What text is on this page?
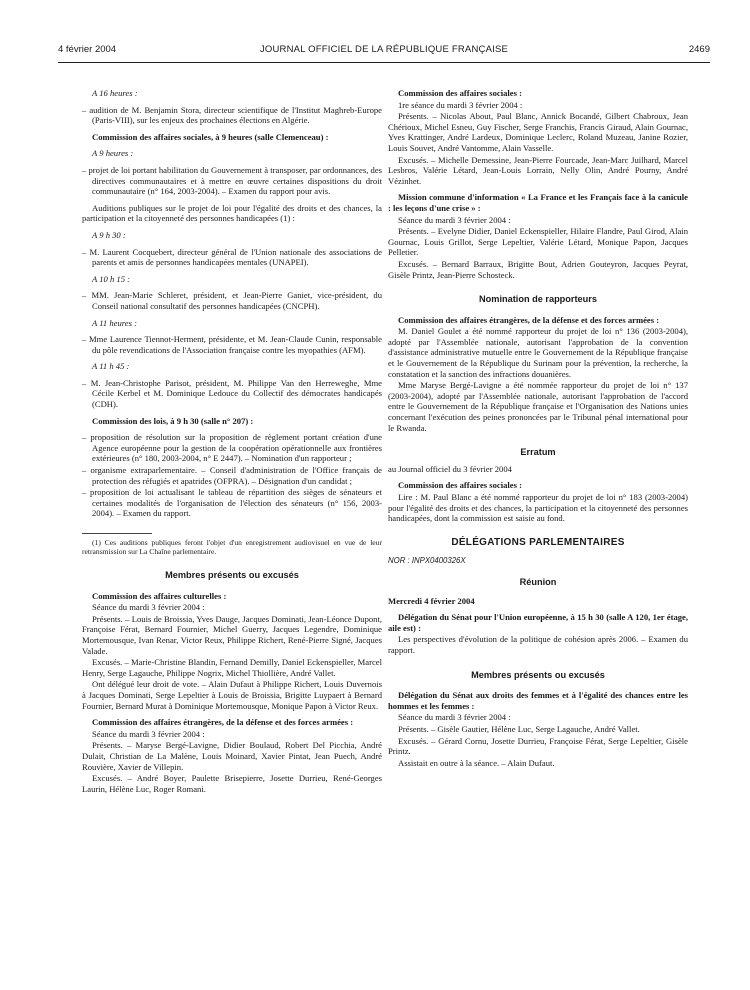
4 février 2004	JOURNAL OFFICIEL DE LA RÉPUBLIQUE FRANÇAISE	2469

A 16 heures :

– audition de M. Benjamin Stora, directeur scientifique de l'Institut Maghreb-Europe (Paris-VIII), sur les enjeux des prochaines élections en Algérie.

Commission des affaires sociales, à 9 heures (salle Clemenceau) :

A 9 heures :

– projet de loi portant habilitation du Gouvernement à transposer, par ordonnances, des directives communautaires et à mettre en œuvre certaines dispositions du droit communautaire (n° 164, 2003-2004). – Examen du rapport pour avis.

Auditions publiques sur le projet de loi pour l'égalité des droits et des chances, la participation et la citoyenneté des personnes handicapées (1) :

A 9 h 30 :

– M. Laurent Cocquebert, directeur général de l'Union nationale des associations de parents et amis de personnes handicapées mentales (UNAPEI).

A 10 h 15 :

– MM. Jean-Marie Schleret, président, et Jean-Pierre Ganiet, vice-président, du Conseil national consultatif des personnes handicapées (CNCPH).

A 11 heures :

– Mme Laurence Tiennot-Herment, présidente, et M. Jean-Claude Cunin, responsable du pôle revendications de l'Association française contre les myopathies (AFM).

A 11 h 45 :

– M. Jean-Christophe Parisot, président, M. Philippe Van den Herreweghe, Mme Cécile Kerbel et M. Dominique Ledouce du Collectif des démocrates handicapés (CDH).

Commission des lois, à 9 h 30 (salle n° 207) :

– proposition de résolution sur la proposition de règlement portant création d'une Agence européenne pour la gestion de la coopération opérationnelle aux frontières extérieures (n° 180, 2003-2004, n° E 2447). – Nomination d'un rapporteur ;

– organisme extraparlementaire. – Conseil d'administration de l'Office français de protection des réfugiés et apatrides (OFPRA). – Désignation d'un candidat ;

– proposition de loi actualisant le tableau de répartition des sièges de sénateurs et certaines modalités de l'organisation de l'élection des sénateurs (n° 156, 2003-2004). – Examen du rapport.

(1) Ces auditions publiques feront l'objet d'un enregistrement audiovisuel en vue de leur retransmission sur La Chaîne parlementaire.

Membres présents ou excusés

Commission des affaires culturelles :

Séance du mardi 3 février 2004 :

Présents. – Louis de Broissia, Yves Dauge, Jacques Dominati, Jean-Léonce Dupont, Françoise Férat, Bernard Fournier, Michel Guerry, Jacques Legendre, Dominique Mortemousque, Ivan Renar, Victor Reux, Philippe Richert, René-Pierre Signé, Jacques Valade.

Excusés. – Marie-Christine Blandin, Fernand Demilly, Daniel Eckenspieller, Marcel Henry, Serge Lagauche, Philippe Nogrix, Michel Thiollière, André Vallet.

Ont délégué leur droit de vote. – Alain Dufaut à Philippe Richert, Louis Duvernois à Jacques Dominati, Serge Lepeltier à Louis de Broissia, Brigitte Luypaert à Bernard Fournier, Bernard Murat à Dominique Mortemousque, Monique Papon à Victor Reux.

Commission des affaires étrangères, de la défense et des forces armées :

Séance du mardi 3 février 2004 :

Présents. – Maryse Bergé-Lavigne, Didier Boulaud, Robert Del Picchia, André Dulait, Christian de La Malène, Louis Moinard, Xavier Pintat, Jean Puech, André Rouvière, Xavier de Villepin.

Excusés. – André Boyer, Paulette Brisepierre, Josette Durrieu, René-Georges Laurin, Hélène Luc, Roger Romani.

Commission des affaires sociales :

1re séance du mardi 3 février 2004 :

Présents. – Nicolas About, Paul Blanc, Annick Bocandé, Gilbert Chabroux, Jean Chérioux, Michel Esneu, Guy Fischer, Serge Franchis, Francis Giraud, Alain Gournac, Yves Krattinger, André Lardeux, Dominique Leclerc, Roland Muzeau, Janine Rozier, Louis Souvet, André Vantomme, Alain Vasselle.

Excusés. – Michelle Demessine, Jean-Pierre Fourcade, Jean-Marc Juilhard, Marcel Lesbros, Valérie Létard, Jean-Louis Lorrain, Nelly Olin, André Pourny, André Vézinhet.

Mission commune d'information « La France et les Français face à la canicule : les leçons d'une crise » :

Séance du mardi 3 février 2004 :

Présents. – Evelyne Didier, Daniel Eckenspieller, Hilaire Flandre, Paul Girod, Alain Gournac, Louis Grillot, Serge Lepeltier, Valérie Létard, Monique Papon, Jacques Pelletier.

Excusés. – Bernard Barraux, Brigitte Bout, Adrien Gouteyron, Jacques Peyrat, Gisèle Printz, Jean-Pierre Schosteck.

Nomination de rapporteurs

Commission des affaires étrangères, de la défense et des forces armées :

M. Daniel Goulet a été nommé rapporteur du projet de loi n° 136 (2003-2004), adopté par l'Assemblée nationale, autorisant l'approbation de la convention d'assistance administrative mutuelle entre le Gouvernement de la République française et le Gouvernement de la République du Surinam pour la prévention, la recherche, la constatation et la sanction des infractions douanières.

Mme Maryse Bergé-Lavigne a été nommée rapporteur du projet de loi n° 137 (2003-2004), adopté par l'Assemblée nationale, autorisant l'approbation de l'accord entre le Gouvernement de la République française et l'Organisation des Nations unies concernant l'exécution des peines prononcées par le Tribunal pénal international pour le Rwanda.

Erratum

au Journal officiel du 3 février 2004

Commission des affaires sociales :

Lire : M. Paul Blanc a été nommé rapporteur du projet de loi n° 183 (2003-2004) pour l'égalité des droits et des chances, la participation et la citoyenneté des personnes handicapées, dont la commission est saisie au fond.

DÉLÉGATIONS PARLEMENTAIRES

NOR : INPX0400326X

Réunion

Mercredi 4 février 2004

Délégation du Sénat pour l'Union européenne, à 15 h 30 (salle A 120, 1er étage, aile est) :

Les perspectives d'évolution de la politique de cohésion après 2006. – Examen du rapport.

Membres présents ou excusés

Délégation du Sénat aux droits des femmes et à l'égalité des chances entre les hommes et les femmes :

Séance du mardi 3 février 2004 :

Présents. – Gisèle Gautier, Hélène Luc, Serge Lagauche, André Vallet.

Excusés. – Gérard Cornu, Josette Durrieu, Françoise Férat, Serge Lepeltier, Gisèle Printz.

Assistait en outre à la séance. – Alain Dufaut.
